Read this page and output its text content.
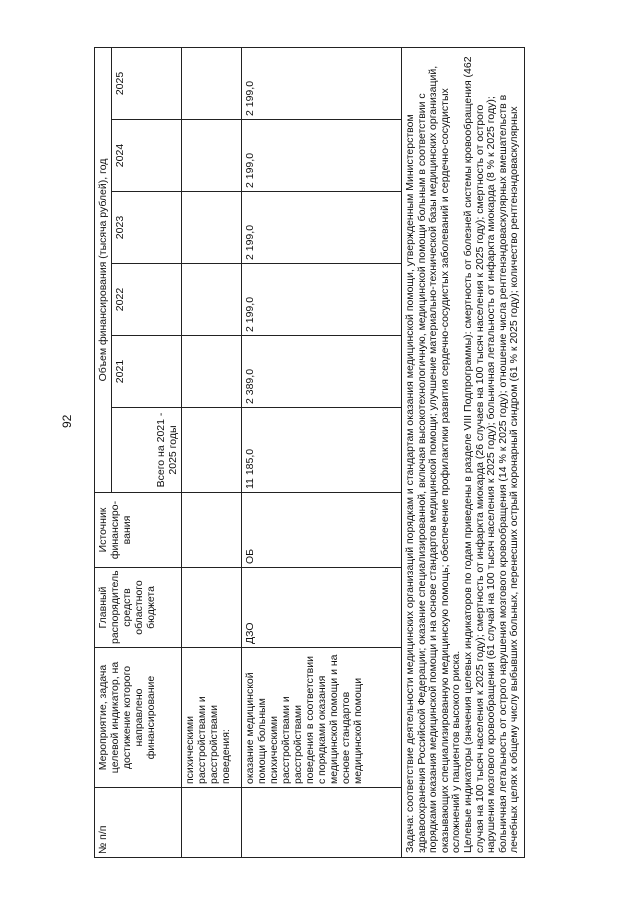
92
№ п/п	Мероприятие, задача целевой индикатор, на достижение которого направлено финансирование	Главный распорядитель средств областного бюджета	Источник финансиро-вания	Объем финансирования (тысяча рублей), год					
				Всего на 2021 - 2025 годы	2021	2022	2023	2024	2025
	психическими расстройствами и расстройствами поведения:								
	оказание медицинской помощи больным психическими расстройствами и расстройствами поведения в соответствии с порядками оказания медицинской помощи и на основе стандартов медицинской помощи	ДЗО	ОБ	11 185,0	2 389,0	2 199,0	2 199,0	2 199,0	2 199,0

Задача: соответствие деятельности медицинских организаций порядкам и стандартам оказания медицинской помощи, утвержденным Министерством здравоохранения Российской Федерации; оказание специализированной, включая высокотехнологичную, медицинской помощи больным в соответствии с порядками оказания медицинской помощи и на основе стандартов медицинской помощи; улучшение материально-технической базы медицинских организаций, оказывающих специализированную медицинскую помощь; обеспечение профилактики развития сердечно-сосудистых заболеваний и сердечно-сосудистых осложнений у пациентов высокого риска. Целевые индикаторы (значения целевых индикаторов по годам приведены в разделе VIII Подпрограммы): смертность от болезней системы кровообращения (462 случая на 100 тысяч населения к 2025 году); смертность от инфаркта миокарда (26 случаев на 100 тысяч населения к 2025 году); смертность от острого нарушения мозгового кровообращения (61 случай на 100 тысяч населения к 2025 году); больничная летальность от инфаркта миокарда (8 % к 2025 году); больничная летальность от острого нарушения мозгового кровообращения (14 % к 2025 году); отношение числа рентгенэндоваскулярных вмешательств в лечебных целях к общему числу выбывших больных, перенесших острый коронарный синдром (61 % к 2025 году); количество рентгенэндоваскулярных									
